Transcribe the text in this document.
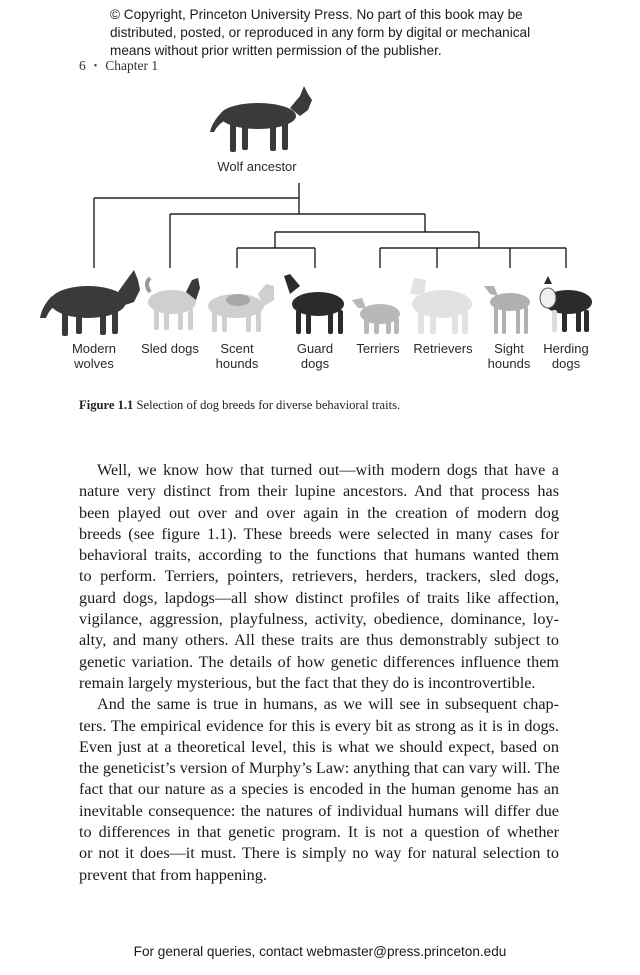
© Copyright, Princeton University Press. No part of this book may be
distributed, posted, or reproduced in any form by digital or mechanical
means without prior written permission of the publisher.
6 • Chapter 1
Wolf ancestor
Modern
wolves
Sled dogs	Scent
hounds
Guard
dogs
Terriers Retrievers	Sight
hounds
Herding
dogs
Figure 1.1 Selection of dog breeds for diverse behavioral traits.

Well, we know how that turned out—with modern dogs that have a
nature very distinct from their lupine ancestors. And that process has
been played out over and over again in the creation of modern dog
breeds (see figure 1.1). These breeds were selected in many cases for
behavioral traits, according to the functions that humans wanted them
to perform. Terriers, pointers, retrievers, herders, trackers, sled dogs,
guard dogs, lapdogs—all show distinct profiles of traits like affection,
vigilance, aggression, playfulness, activity, obedience, dominance, loy-
alty, and many others. All these traits are thus demonstrably subject to
genetic variation. The details of how genetic differences influence them
remain largely mysterious, but the fact that they do is incontrovertible.

And the same is true in humans, as we will see in subsequent chap-
ters. The empirical evidence for this is every bit as strong as it is in dogs.
Even just at a theoretical level, this is what we should expect, based on
the geneticist’s version of Murphy’s Law: anything that can vary will. The
fact that our nature as a species is encoded in the human genome has an
inevitable consequence: the natures of individual humans will differ due
to differences in that genetic program. It is not a question of whether
or not it does—it must. There is simply no way for natural selection to
prevent that from happening.

For general queries, contact webmaster@press.princeton.edu
